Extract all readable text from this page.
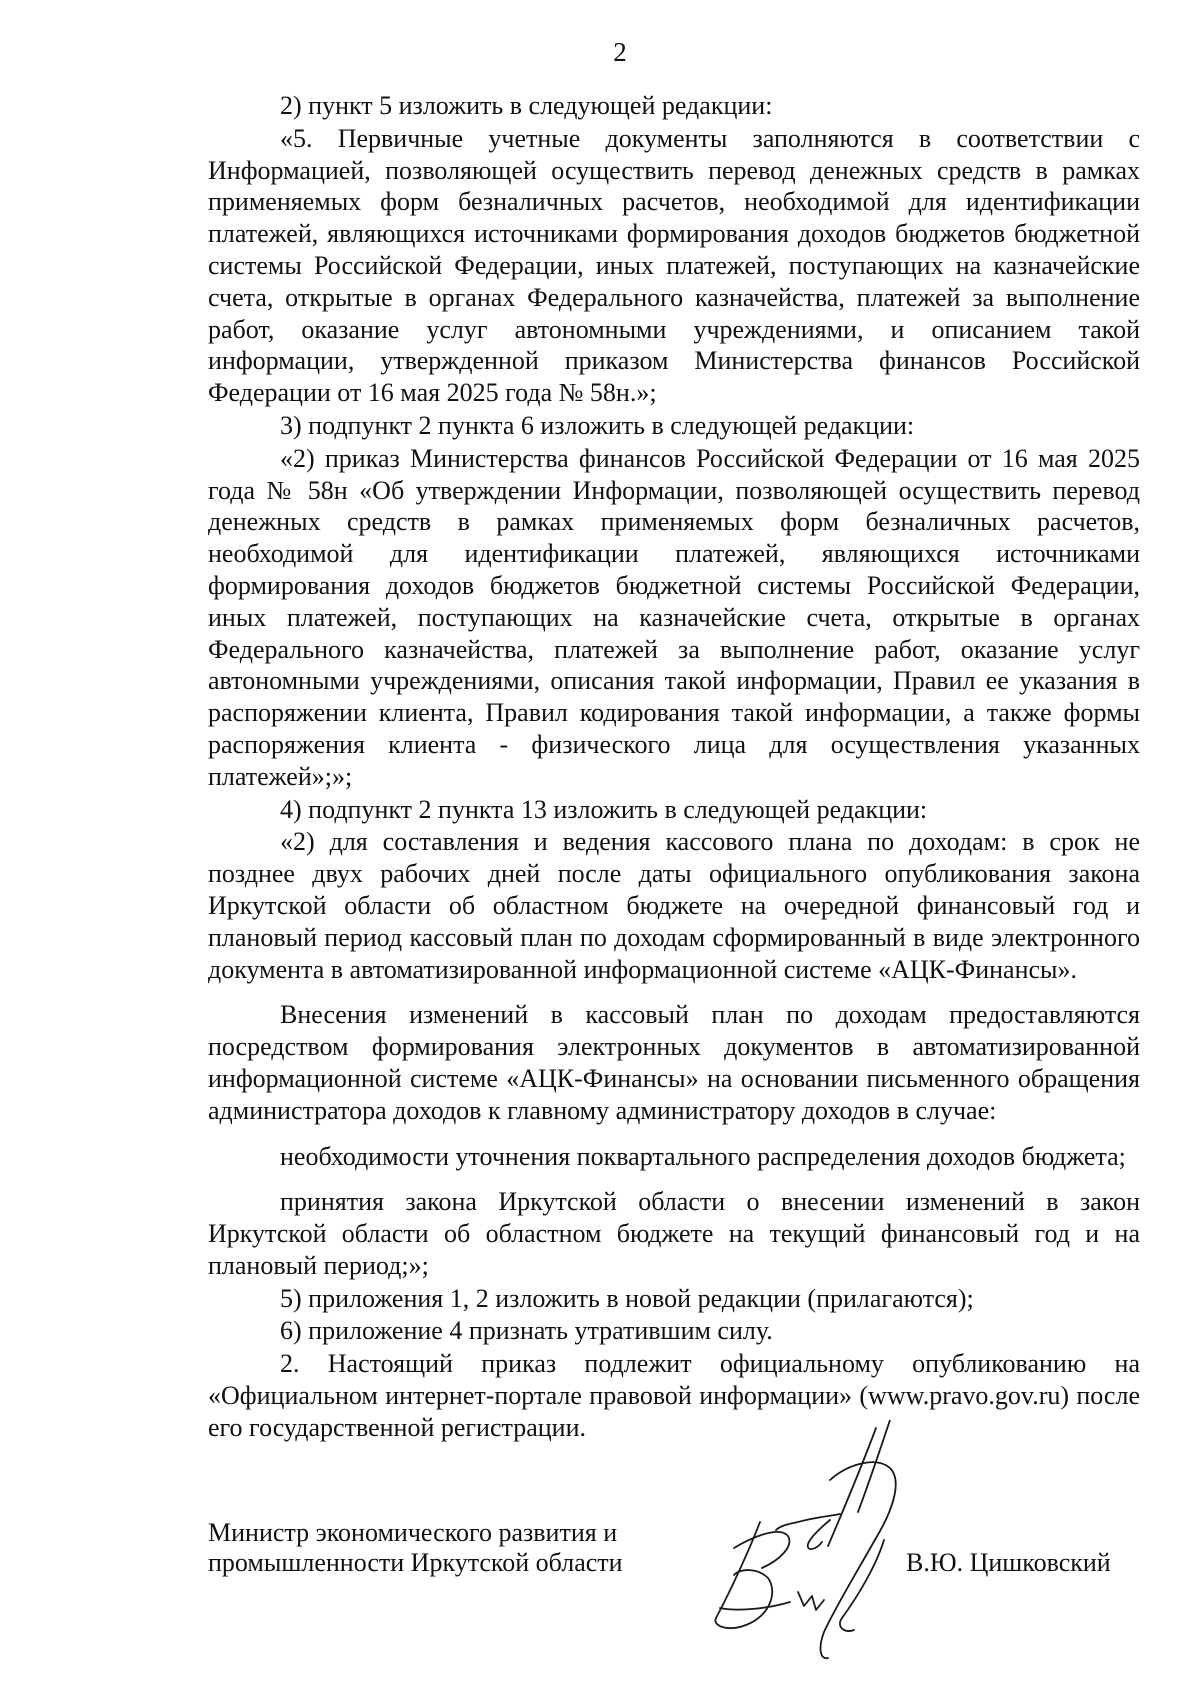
2

2) пункт 5 изложить в следующей редакции:

«5. Первичные учетные документы заполняются в соответствии с Информацией, позволяющей осуществить перевод денежных средств в рамках применяемых форм безналичных расчетов, необходимой для идентификации платежей, являющихся источниками формирования доходов бюджетов бюджетной системы Российской Федерации, иных платежей, поступающих на казначейские счета, открытые в органах Федерального казначейства, платежей за выполнение работ, оказание услуг автономными учреждениями, и описанием такой информации, утвержденной приказом Министерства финансов Российской Федерации от 16 мая 2025 года № 58н.»;

3) подпункт 2 пункта 6 изложить в следующей редакции:

«2) приказ Министерства финансов Российской Федерации от 16 мая 2025 года № 58н «Об утверждении Информации, позволяющей осуществить перевод денежных средств в рамках применяемых форм безналичных расчетов, необходимой для идентификации платежей, являющихся источниками формирования доходов бюджетов бюджетной системы Российской Федерации, иных платежей, поступающих на казначейские счета, открытые в органах Федерального казначейства, платежей за выполнение работ, оказание услуг автономными учреждениями, описания такой информации, Правил ее указания в распоряжении клиента, Правил кодирования такой информации, а также формы распоряжения клиента - физического лица для осуществления указанных платежей»;»;

4) подпункт 2 пункта 13 изложить в следующей редакции:

«2) для составления и ведения кассового плана по доходам: в срок не позднее двух рабочих дней после даты официального опубликования закона Иркутской области об областном бюджете на очередной финансовый год и плановый период кассовый план по доходам сформированный в виде электронного документа в автоматизированной информационной системе «АЦК-Финансы».

Внесения изменений в кассовый план по доходам предоставляются посредством формирования электронных документов в автоматизированной информационной системе «АЦК-Финансы» на основании письменного обращения администратора доходов к главному администратору доходов в случае:

необходимости уточнения поквартального распределения доходов бюджета;

принятия закона Иркутской области о внесении изменений в закон Иркутской области об областном бюджете на текущий финансовый год и на плановый период;»;

5) приложения 1, 2 изложить в новой редакции (прилагаются);

6) приложение 4 признать утратившим силу.

2. Настоящий приказ подлежит официальному опубликованию на «Официальном интернет-портале правовой информации» (www.pravo.gov.ru) после его государственной регистрации.

Министр экономического развития и
промышленности Иркутской области	В.Ю. Цишковский
